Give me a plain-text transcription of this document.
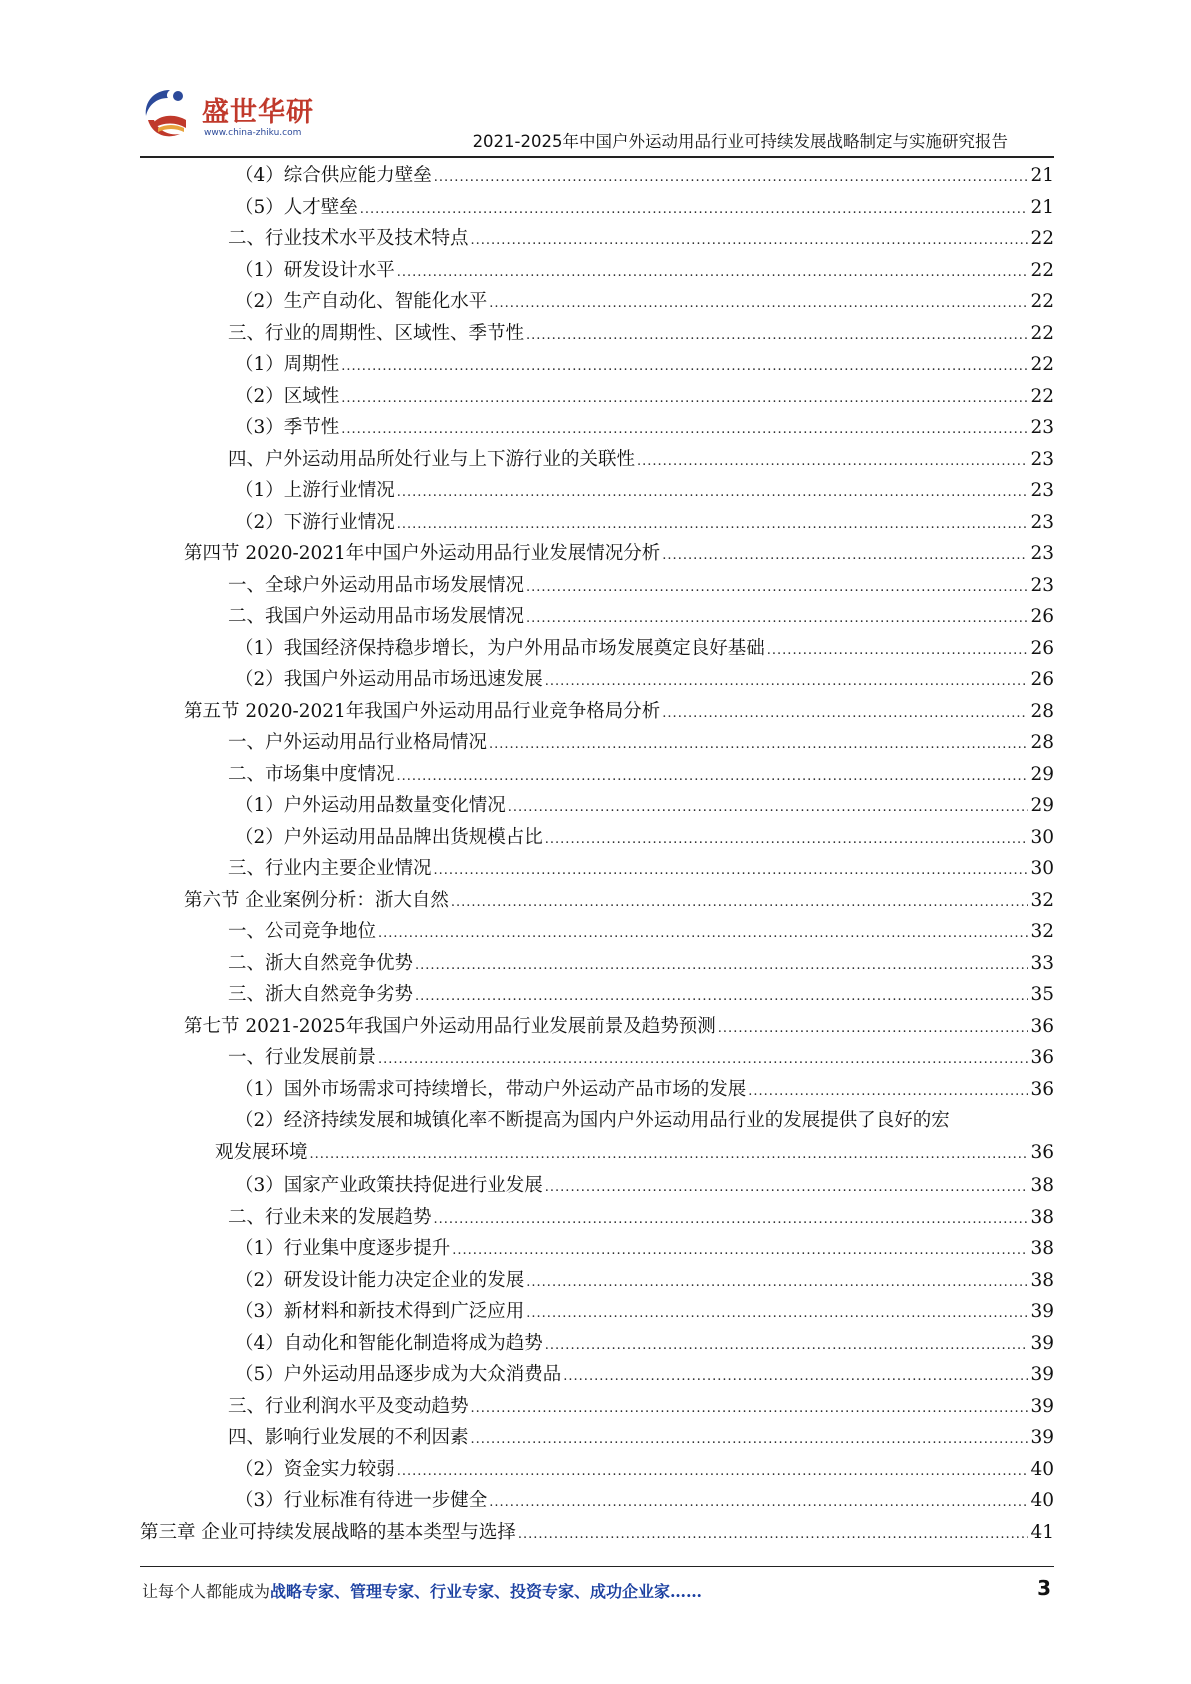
盛世华研
www.china-zhiku.com	2021-2025年中国户外运动用品行业可持续发展战略制定与实施研究报告
（4）综合供应能力壁垒 .....	21
（5）人才壁垒 .....	21
二、行业技术水平及技术特点 .....	22
（1）研发设计水平 .....	22
（2）生产自动化、智能化水平 .....	22
三、行业的周期性、区域性、季节性 .....	22
（1）周期性 .....	22
（2）区域性 .....	22
（3）季节性 .....	23
四、户外运动用品所处行业与上下游行业的关联性 .....	23
（1）上游行业情况 .....	23
（2）下游行业情况 .....	23
第四节 2020-2021年中国户外运动用品行业发展情况分析 .....	23
一、全球户外运动用品市场发展情况 .....	23
二、我国户外运动用品市场发展情况 .....	26
（1）我国经济保持稳步增长，为户外用品市场发展奠定良好基础 .....	26
（2）我国户外运动用品市场迅速发展 .....	26
第五节 2020-2021年我国户外运动用品行业竞争格局分析 .....	28
一、户外运动用品行业格局情况 .....	28
二、市场集中度情况 .....	29
（1）户外运动用品数量变化情况 .....	29
（2）户外运动用品品牌出货规模占比 .....	30
三、行业内主要企业情况 .....	30
第六节 企业案例分析：浙大自然 .....	32
一、公司竞争地位 .....	32
二、浙大自然竞争优势 .....	33
三、浙大自然竞争劣势 .....	35
第七节 2021-2025年我国户外运动用品行业发展前景及趋势预测 .....	36
一、行业发展前景 .....	36
（1）国外市场需求可持续增长，带动户外运动产品市场的发展 .....	36
（2）经济持续发展和城镇化率不断提高为国内户外运动用品行业的发展提供了良好的宏
观发展环境 .....	36
（3）国家产业政策扶持促进行业发展 .....	38
二、行业未来的发展趋势 .....	38
（1）行业集中度逐步提升 .....	38
（2）研发设计能力决定企业的发展 .....	38
（3）新材料和新技术得到广泛应用 .....	39
（4）自动化和智能化制造将成为趋势 .....	39
（5）户外运动用品逐步成为大众消费品 .....	39
三、行业利润水平及变动趋势 .....	39
四、影响行业发展的不利因素 .....	39
（2）资金实力较弱 .....	40
（3）行业标准有待进一步健全 .....	40
第三章 企业可持续发展战略的基本类型与选择 .....	41
让每个人都能成为战略专家、管理专家、行业专家、投资专家、成功企业家……	3
